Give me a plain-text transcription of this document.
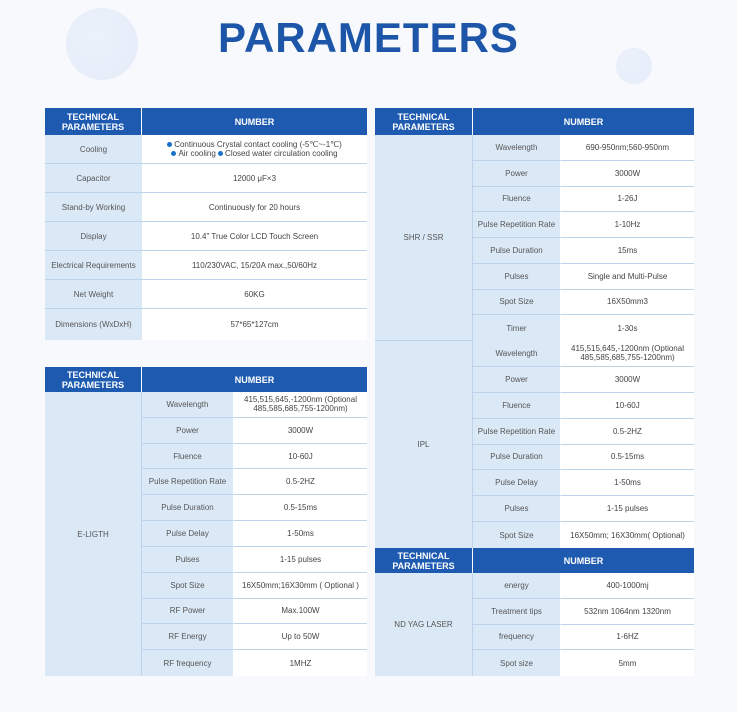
PARAMETERS
TECHNICAL
PARAMETERS	NUMBER
Cooling	Continuous Crystal contact cooling (-5℃~-1℃)
Air cooling Closed water circulation cooling
Capacitor	12000 μF×3
Stand-by Working	Continuously for 20 hours
Display	10.4" True Color LCD Touch Screen
Electrical Requirements	110/230VAC, 15/20A max.,50/60Hz
Net Weight	60KG
Dimensions (WxDxH)	57*65*127cm
TECHNICAL
PARAMETERS	NUMBER
E-LIGTH
Wavelength	415,515,645,-1200nm (Optional 485,585,685,755-1200nm)
Power	3000W
Fluence	10-60J
Pulse Repetition Rate	0.5-2HZ
Pulse Duration	0.5-15ms
Pulse Delay	1-50ms
Pulses	1-15 pulses
Spot Size	16X50mm;16X30mm ( Optional )
RF Power	Max.100W
RF Energy	Up to 50W
RF frequency	1MHZ
TECHNICAL
PARAMETERS	NUMBER
SHR / SSR
Wavelength	690-950nm;560-950nm
Power	3000W
Fluence	1-26J
Pulse Repetition Rate	1-10Hz
Pulse Duration	15ms
Pulses	Single and Multi-Pulse
Spot Size	16X50mm3
Timer	1-30s
IPL
Wavelength	415,515,645,-1200nm (Optional 485,585,685,755-1200nm)
Power	3000W
Fluence	10-60J
Pulse Repetition Rate	0.5-2HZ
Pulse Duration	0.5-15ms
Pulse Delay	1-50ms
Pulses	1-15 pulses
Spot Size	16X50mm; 16X30mm( Optional)
TECHNICAL
PARAMETERS	NUMBER
ND YAG LASER
energy	400-1000mj
Treatment tips	532nm 1064nm 1320nm
frequency	1-6HZ
Spot size	5mm
